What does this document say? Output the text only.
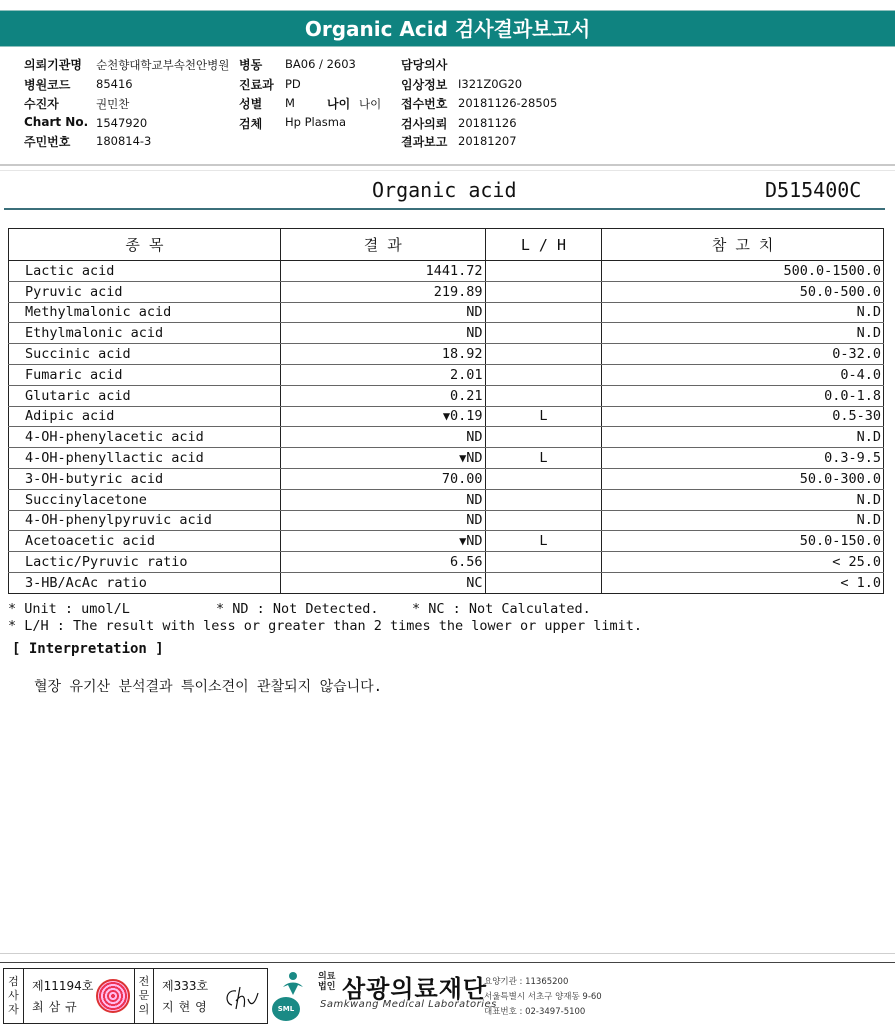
Organic Acid 검사결과보고서
의뢰기관명 순천향대학교부속천안병원 병동 BA06 / 2603	담당의사
병원코드 85416	진료과 PD	임상정보 I321Z0G20
수진자	권민찬	성별 M	나이 나이 접수번호 20181126-28505
Chart No. 1547920	검체 Hp Plasma	검사의뢰 20181126
주민번호 180814-3	결과보고 20181207
Organic acid	D515400C
종 목	결 과	L / H	참 고 치
Lactic acid	1441.72		500.0-1500.0
Pyruvic acid	219.89		50.0-500.0
Methylmalonic acid	ND		N.D
Ethylmalonic acid	ND		N.D
Succinic acid	18.92		0-32.0
Fumaric acid	2.01		0-4.0
Glutaric acid	0.21		0.0-1.8
Adipic acid	▼0.19	L	0.5-30
4-OH-phenylacetic acid	ND		N.D
4-OH-phenyllactic acid	▼ND	L	0.3-9.5
3-OH-butyric acid	70.00		50.0-300.0
Succinylacetone	ND		N.D
4-OH-phenylpyruvic acid	ND		N.D
Acetoacetic acid	▼ND	L	50.0-150.0
Lactic/Pyruvic ratio	6.56		< 25.0
3-HB/AcAc ratio	NC		< 1.0
* Unit : umol/L	* ND : Not Detected. * NC : Not Calculated.
* L/H : The result with less or greater than 2 times the lower or upper limit.
[ Interpretation ]
혈장 유기산 분석결과 특이소견이 관찰되지 않습니다.
검
사
자
제11194호
최삼규
전
문
의
제333호
지현영	SML
의료법인 삼광의료재단
Samkwang Medical Laboratories
요양기관 : 11365200
서울특별시 서초구 양재동 9-60
대표번호 : 02-3497-5100
